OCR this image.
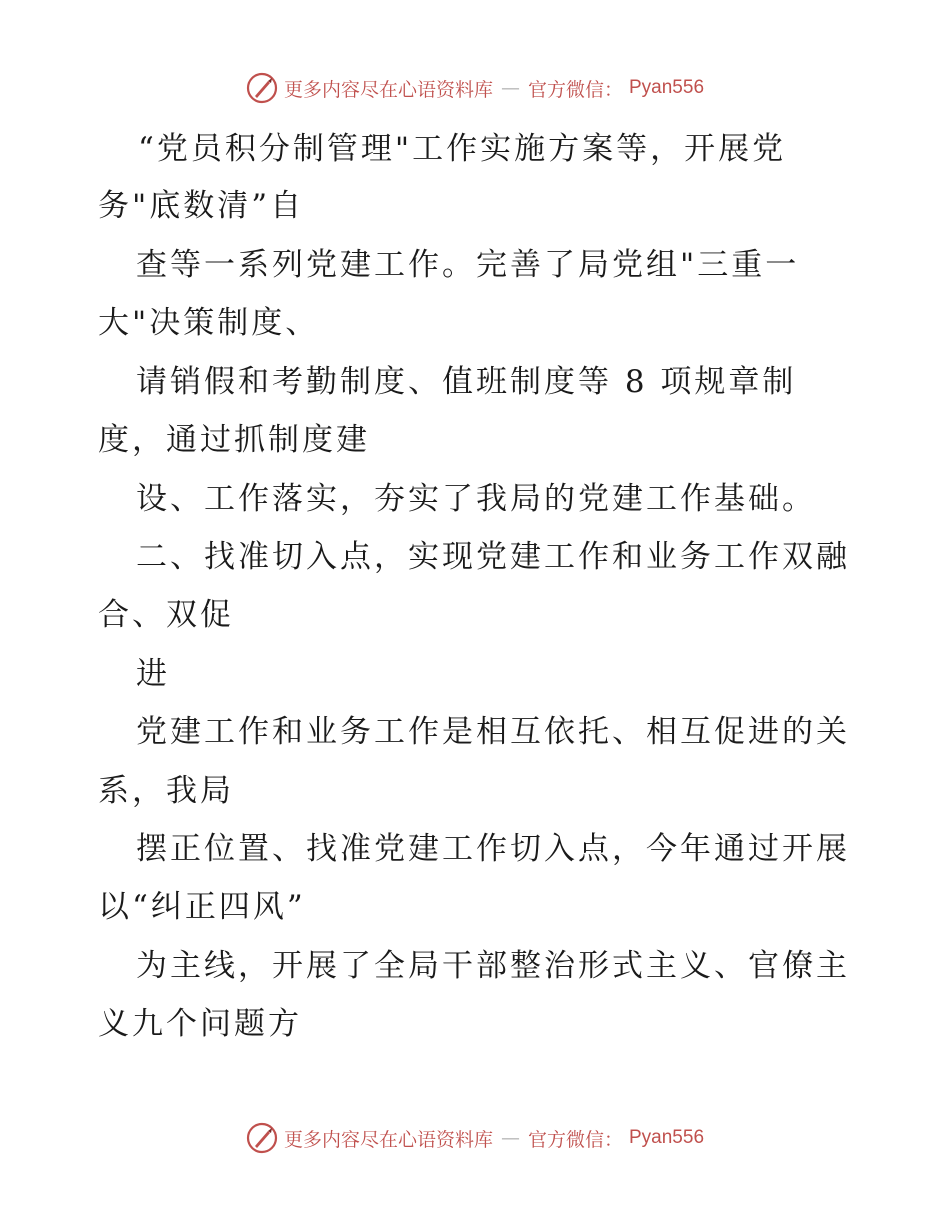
更多内容尽在心语资料库 — 官方微信： Pyan556
“党员积分制管理"工作实施方案等，开展党
务"底数清”自
查等一系列党建工作。完善了局党组"三重一
大"决策制度、
请销假和考勤制度、值班制度等 8 项规章制
度，通过抓制度建
设、工作落实，夯实了我局的党建工作基础。
二、找准切入点，实现党建工作和业务工作双融
合、双促
进
党建工作和业务工作是相互依托、相互促进的关
系，我局
摆正位置、找准党建工作切入点，今年通过开展
以“纠正四风”
为主线，开展了全局干部整治形式主义、官僚主
义九个问题方
更多内容尽在心语资料库 — 官方微信： Pyan556
